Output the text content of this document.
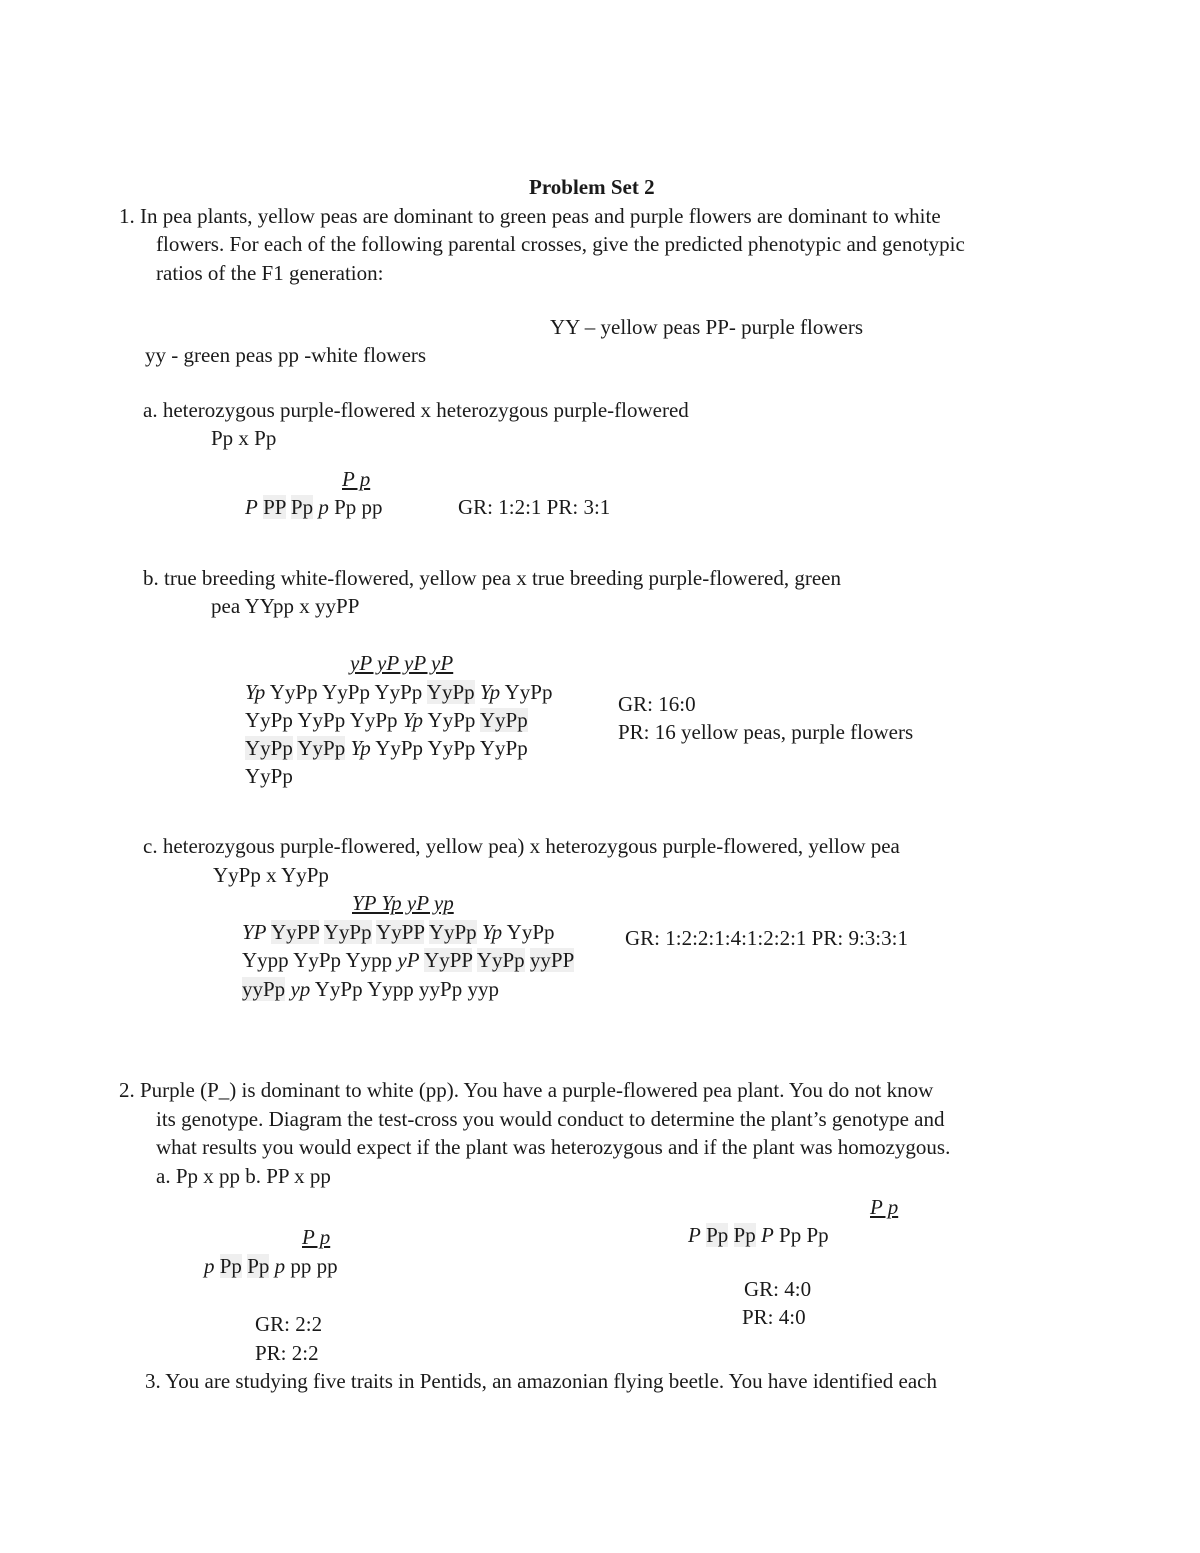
Problem Set 2
1. In pea plants, yellow peas are dominant to green peas and purple flowers are dominant to white
flowers. For each of the following parental crosses, give the predicted phenotypic and genotypic
ratios of the F1 generation:
YY – yellow peas PP- purple flowers
yy - green peas pp -white flowers
a. heterozygous purple-flowered x heterozygous purple-flowered
Pp x Pp
P p
P PP Pp p Pp pp	GR: 1:2:1 PR: 3:1
b. true breeding white-flowered, yellow pea x true breeding purple-flowered, green
pea YYpp x yyPP
yP yP yP yP
Yp YyPp YyPp YyPp YyPp Yp YyPp
YyPp YyPp YyPp Yp YyPp YyPp
YyPp YyPp Yp YyPp YyPp YyPp
YyPp
GR: 16:0
PR: 16 yellow peas, purple flowers
c. heterozygous purple-flowered, yellow pea) x heterozygous purple-flowered, yellow pea
YyPp x YyPp
YP Yp yP yp
YP YyPP YyPp YyPP YyPp Yp YyPp
Yypp YyPp Yypp yP YyPP YyPp yyPP
yyPp yp YyPp Yypp yyPp yyp
GR: 1:2:2:1:4:1:2:2:1 PR: 9:3:3:1
2. Purple (P_) is dominant to white (pp). You have a purple-flowered pea plant. You do not know
its genotype. Diagram the test-cross you would conduct to determine the plant’s genotype and
what results you would expect if the plant was heterozygous and if the plant was homozygous.
a. Pp x pp b. PP x pp
P p
p Pp Pp p pp pp
GR: 2:2
PR: 2:2
P p
P Pp Pp P Pp Pp
GR: 4:0
PR: 4:0
3. You are studying five traits in Pentids, an amazonian flying beetle. You have identified each
